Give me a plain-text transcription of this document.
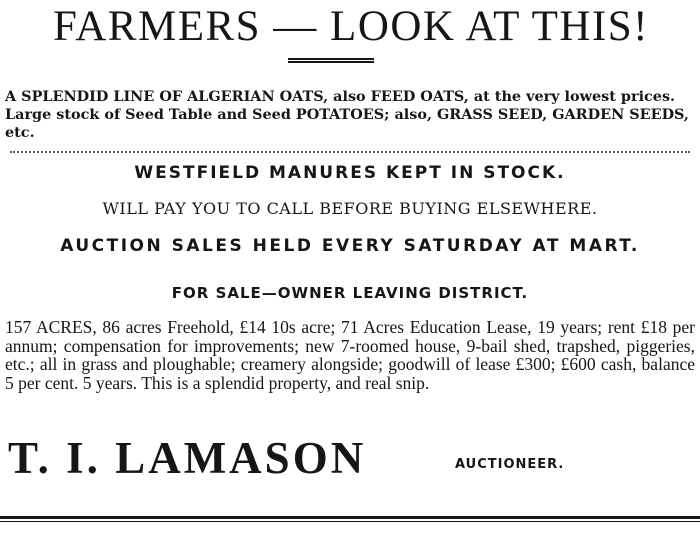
FARMERS — LOOK AT THIS!
A SPLENDID LINE OF ALGERIAN OATS, also FEED OATS, at the very lowest prices. Large stock of Seed Table and Seed POTATOES; also, GRASS SEED, GARDEN SEEDS, etc.
WESTFIELD MANURES KEPT IN STOCK.
WILL PAY YOU TO CALL BEFORE BUYING ELSEWHERE.
AUCTION SALES HELD EVERY SATURDAY AT MART.
FOR SALE—OWNER LEAVING DISTRICT.
157 ACRES, 86 acres Freehold, £14 10s acre; 71 Acres Education Lease, 19 years; rent £18 per annum; compensation for improvements; new 7-roomed house, 9-bail shed, trapshed, piggeries, etc.; all in grass and ploughable; creamery alongside; goodwill of lease £300; £600 cash, balance 5 per cent. 5 years. This is a splendid property, and real snip.
T. I. LAMASON	AUCTIONEER.
